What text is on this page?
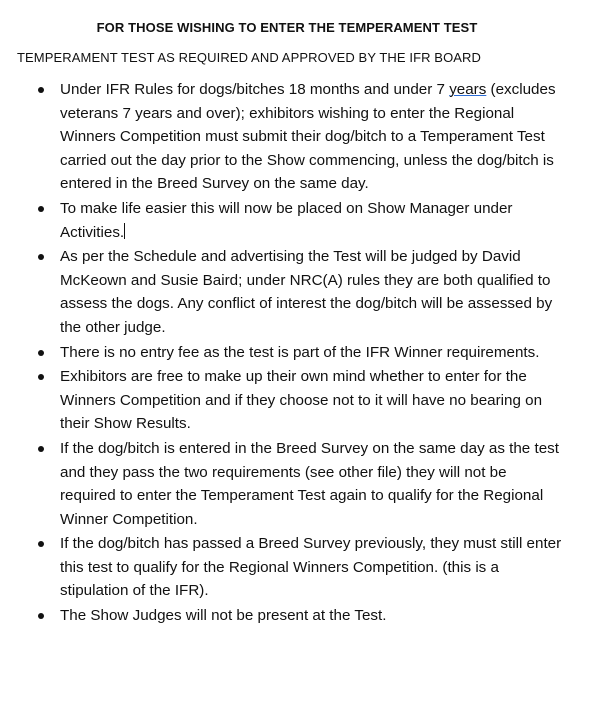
FOR THOSE WISHING TO ENTER THE TEMPERAMENT TEST
TEMPERAMENT TEST AS REQUIRED AND APPROVED BY THE IFR BOARD
Under IFR Rules for dogs/bitches 18 months and under 7 years (excludes veterans 7 years and over); exhibitors wishing to enter the Regional Winners Competition must submit their dog/bitch to a Temperament Test carried out the day prior to the Show commencing, unless the dog/bitch is entered in the Breed Survey on the same day.
To make life easier this will now be placed on Show Manager under Activities.
As per the Schedule and advertising the Test will be judged by David McKeown and Susie Baird; under NRC(A) rules they are both qualified to assess the dogs. Any conflict of interest the dog/bitch will be assessed by the other judge.
There is no entry fee as the test is part of the IFR Winner requirements.
Exhibitors are free to make up their own mind whether to enter for the Winners Competition and if they choose not to it will have no bearing on their Show Results.
If the dog/bitch is entered in the Breed Survey on the same day as the test and they pass the two requirements (see other file) they will not be required to enter the Temperament Test again to qualify for the Regional Winner Competition.
If the dog/bitch has passed a Breed Survey previously, they must still enter this test to qualify for the Regional Winners Competition. (this is a stipulation of the IFR).
The Show Judges will not be present at the Test.
